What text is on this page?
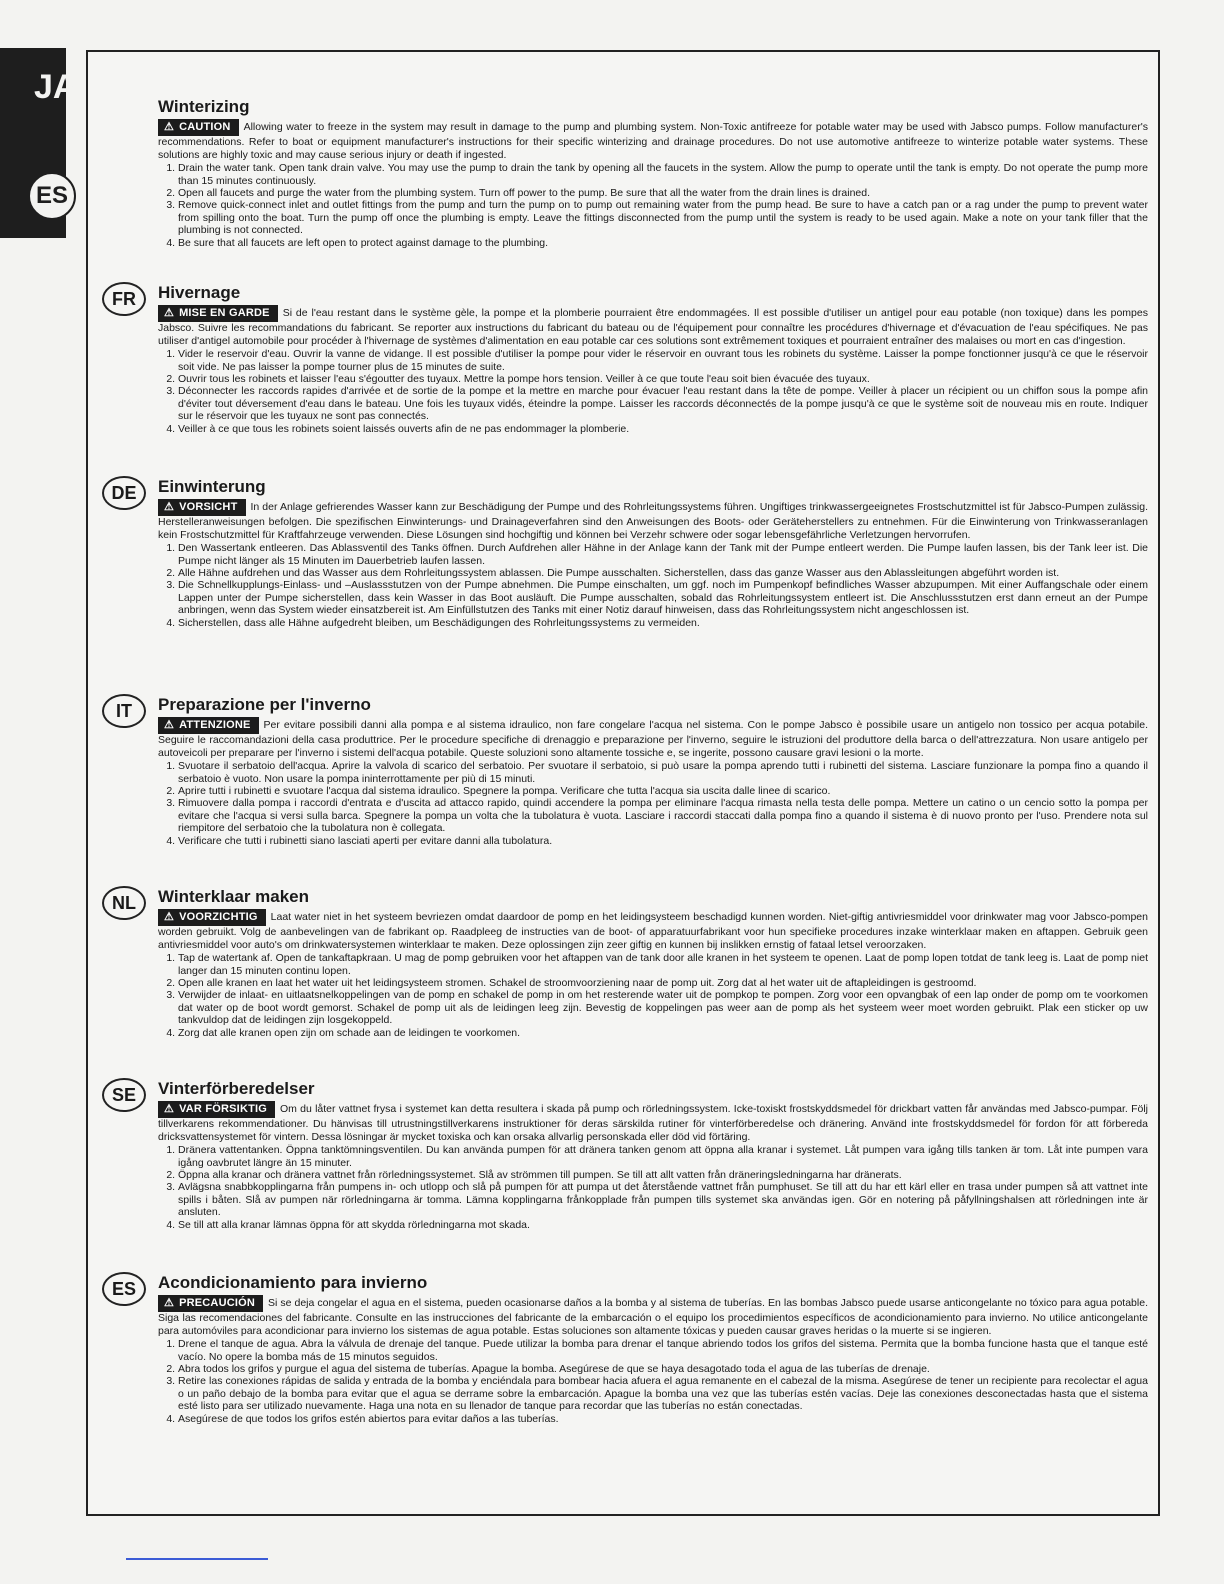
JA
ES
Winterizing
⚠ CAUTION Allowing water to freeze in the system may result in damage to the pump and plumbing system. Non-Toxic antifreeze for potable water may be used with Jabsco pumps. Follow manufacturer's recommendations. Refer to boat or equipment manufacturer's instructions for their specific winterizing and drainage procedures. Do not use automotive antifreeze to winterize potable water systems. These solutions are highly toxic and may cause serious injury or death if ingested.
1. Drain the water tank. Open tank drain valve. You may use the pump to drain the tank by opening all the faucets in the system. Allow the pump to operate until the tank is empty. Do not operate the pump more than 15 minutes continuously.
2. Open all faucets and purge the water from the plumbing system. Turn off power to the pump. Be sure that all the water from the drain lines is drained.
3. Remove quick-connect inlet and outlet fittings from the pump and turn the pump on to pump out remaining water from the pump head. Be sure to have a catch pan or a rag under the pump to prevent water from spilling onto the boat. Turn the pump off once the plumbing is empty. Leave the fittings disconnected from the pump until the system is ready to be used again. Make a note on your tank filler that the plumbing is not connected.
4. Be sure that all faucets are left open to protect against damage to the plumbing.
FR	Hivernage
⚠ MISE EN GARDE Si de l'eau restant dans le système gèle, la pompe et la plomberie pourraient être endommagées. Il est possible d'utiliser un antigel pour eau potable (non toxique) dans les pompes Jabsco. Suivre les recommandations du fabricant. Se reporter aux instructions du fabricant du bateau ou de l'équipement pour connaître les procédures d'hivernage et d'évacuation de l'eau spécifiques. Ne pas utiliser d'antigel automobile pour procéder à l'hivernage de systèmes d'alimentation en eau potable car ces solutions sont extrêmement toxiques et pourraient entraîner des malaises ou mort en cas d'ingestion.
1. Vider le reservoir d'eau. Ouvrir la vanne de vidange. Il est possible d'utiliser la pompe pour vider le réservoir en ouvrant tous les robinets du système. Laisser la pompe fonctionner jusqu'à ce que le réservoir soit vide. Ne pas laisser la pompe tourner plus de 15 minutes de suite.
2. Ouvrir tous les robinets et laisser l'eau s'égoutter des tuyaux. Mettre la pompe hors tension. Veiller à ce que toute l'eau soit bien évacuée des tuyaux.
3. Déconnecter les raccords rapides d'arrivée et de sortie de la pompe et la mettre en marche pour évacuer l'eau restant dans la tête de pompe. Veiller à placer un récipient ou un chiffon sous la pompe afin d'éviter tout déversement d'eau dans le bateau. Une fois les tuyaux vidés, éteindre la pompe. Laisser les raccords déconnectés de la pompe jusqu'à ce que le système soit de nouveau mis en route. Indiquer sur le réservoir que les tuyaux ne sont pas connectés.
4. Veiller à ce que tous les robinets soient laissés ouverts afin de ne pas endommager la plomberie.
DE	Einwinterung
⚠ VORSICHT In der Anlage gefrierendes Wasser kann zur Beschädigung der Pumpe und des Rohrleitungssystems führen. Ungiftiges trinkwassergeeignetes Frostschutzmittel ist für Jabsco-Pumpen zulässig. Herstelleranweisungen befolgen. Die spezifischen Einwinterungs- und Drainageverfahren sind den Anweisungen des Boots- oder Geräteherstellers zu entnehmen. Für die Einwinterung von Trinkwasseranlagen kein Frostschutzmittel für Kraftfahrzeuge verwenden. Diese Lösungen sind hochgiftig und können bei Verzehr schwere oder sogar lebensgefährliche Verletzungen hervorrufen.
1. Den Wassertank entleeren. Das Ablassventil des Tanks öffnen. Durch Aufdrehen aller Hähne in der Anlage kann der Tank mit der Pumpe entleert werden. Die Pumpe laufen lassen, bis der Tank leer ist. Die Pumpe nicht länger als 15 Minuten im Dauerbetrieb laufen lassen.
2. Alle Hähne aufdrehen und das Wasser aus dem Rohrleitungssystem ablassen. Die Pumpe ausschalten. Sicherstellen, dass das ganze Wasser aus den Ablassleitungen abgeführt worden ist.
3. Die Schnellkupplungs-Einlass- und –Auslassstutzen von der Pumpe abnehmen. Die Pumpe einschalten, um ggf. noch im Pumpenkopf befindliches Wasser abzupumpen. Mit einer Auffangschale oder einem Lappen unter der Pumpe sicherstellen, dass kein Wasser in das Boot ausläuft. Die Pumpe ausschalten, sobald das Rohrleitungssystem entleert ist. Die Anschlussstutzen erst dann erneut an der Pumpe anbringen, wenn das System wieder einsatzbereit ist. Am Einfüllstutzen des Tanks mit einer Notiz darauf hinweisen, dass das Rohrleitungssystem nicht angeschlossen ist.
4. Sicherstellen, dass alle Hähne aufgedreht bleiben, um Beschädigungen des Rohrleitungssystems zu vermeiden.
IT	Preparazione per l'inverno
⚠ ATTENZIONE Per evitare possibili danni alla pompa e al sistema idraulico, non fare congelare l'acqua nel sistema. Con le pompe Jabsco è possibile usare un antigelo non tossico per acqua potabile. Seguire le raccomandazioni della casa produttrice. Per le procedure specifiche di drenaggio e preparazione per l'inverno, seguire le istruzioni del produttore della barca o dell'attrezzatura. Non usare antigelo per autoveicoli per preparare per l'inverno i sistemi dell'acqua potabile. Queste soluzioni sono altamente tossiche e, se ingerite, possono causare gravi lesioni o la morte.
1. Svuotare il serbatoio dell'acqua. Aprire la valvola di scarico del serbatoio. Per svuotare il serbatoio, si può usare la pompa aprendo tutti i rubinetti del sistema. Lasciare funzionare la pompa fino a quando il serbatoio è vuoto. Non usare la pompa ininterrottamente per più di 15 minuti.
2. Aprire tutti i rubinetti e svuotare l'acqua dal sistema idraulico. Spegnere la pompa. Verificare che tutta l'acqua sia uscita dalle linee di scarico.
3. Rimuovere dalla pompa i raccordi d'entrata e d'uscita ad attacco rapido, quindi accendere la pompa per eliminare l'acqua rimasta nella testa delle pompa. Mettere un catino o un cencio sotto la pompa per evitare che l'acqua si versi sulla barca. Spegnere la pompa un volta che la tubolatura è vuota. Lasciare i raccordi staccati dalla pompa fino a quando il sistema è di nuovo pronto per l'uso. Prendere nota sul riempitore del serbatoio che la tubolatura non è collegata.
4. Verificare che tutti i rubinetti siano lasciati aperti per evitare danni alla tubolatura.
NL	Winterklaar maken
⚠ VOORZICHTIG Laat water niet in het systeem bevriezen omdat daardoor de pomp en het leidingsysteem beschadigd kunnen worden. Niet-giftig antivriesmiddel voor drinkwater mag voor Jabsco-pompen worden gebruikt. Volg de aanbevelingen van de fabrikant op. Raadpleeg de instructies van de boot- of apparatuurfabrikant voor hun specifieke procedures inzake winterklaar maken en aftappen. Gebruik geen antivriesmiddel voor auto's om drinkwatersystemen winterklaar te maken. Deze oplossingen zijn zeer giftig en kunnen bij inslikken ernstig of fataal letsel veroorzaken.
1. Tap de watertank af. Open de tankaftapkraan. U mag de pomp gebruiken voor het aftappen van de tank door alle kranen in het systeem te openen. Laat de pomp lopen totdat de tank leeg is. Laat de pomp niet langer dan 15 minuten continu lopen.
2. Open alle kranen en laat het water uit het leidingsysteem stromen. Schakel de stroomvoorziening naar de pomp uit. Zorg dat al het water uit de aftapleidingen is gestroomd.
3. Verwijder de inlaat- en uitlaatsnelkoppelingen van de pomp en schakel de pomp in om het resterende water uit de pompkop te pompen. Zorg voor een opvangbak of een lap onder de pomp om te voorkomen dat water op de boot wordt gemorst. Schakel de pomp uit als de leidingen leeg zijn. Bevestig de koppelingen pas weer aan de pomp als het systeem weer moet worden gebruikt. Plak een sticker op uw tankvuldop dat de leidingen zijn losgekoppeld.
4. Zorg dat alle kranen open zijn om schade aan de leidingen te voorkomen.
SE	Vinterförberedelser
⚠ VAR FÖRSIKTIG Om du låter vattnet frysa i systemet kan detta resultera i skada på pump och rörledningssystem. Icke-toxiskt frostskyddsmedel för drickbart vatten får användas med Jabsco-pumpar. Följ tillverkarens rekommendationer. Du hänvisas till utrustningstillverkarens instruktioner för deras särskilda rutiner för vinterförberedelse och dränering. Använd inte frostskyddsmedel för fordon för att förbereda dricksvattensystemet för vintern. Dessa lösningar är mycket toxiska och kan orsaka allvarlig personskada eller död vid förtäring.
1. Dränera vattentanken. Öppna tanktömningsventilen. Du kan använda pumpen för att dränera tanken genom att öppna alla kranar i systemet. Låt pumpen vara igång tills tanken är tom. Låt inte pumpen vara igång oavbrutet längre än 15 minuter.
2. Öppna alla kranar och dränera vattnet från rörledningssystemet. Slå av strömmen till pumpen. Se till att allt vatten från dräneringsledningarna har dränerats.
3. Avlägsna snabbkopplingarna från pumpens in- och utlopp och slå på pumpen för att pumpa ut det återstående vattnet från pumphuset. Se till att du har ett kärl eller en trasa under pumpen så att vattnet inte spills i båten. Slå av pumpen när rörledningarna är tomma. Lämna kopplingarna frånkopplade från pumpen tills systemet ska användas igen. Gör en notering på påfyllningshalsen att rörledningen inte är ansluten.
4. Se till att alla kranar lämnas öppna för att skydda rörledningarna mot skada.
ES	Acondicionamiento para invierno
⚠ PRECAUCIÓN Si se deja congelar el agua en el sistema, pueden ocasionarse daños a la bomba y al sistema de tuberías. En las bombas Jabsco puede usarse anticongelante no tóxico para agua potable. Siga las recomendaciones del fabricante. Consulte en las instrucciones del fabricante de la embarcación o el equipo los procedimientos específicos de acondicionamiento para invierno. No utilice anticongelante para automóviles para acondicionar para invierno los sistemas de agua potable. Estas soluciones son altamente tóxicas y pueden causar graves heridas o la muerte si se ingieren.
1. Drene el tanque de agua. Abra la válvula de drenaje del tanque. Puede utilizar la bomba para drenar el tanque abriendo todos los grifos del sistema. Permita que la bomba funcione hasta que el tanque esté vacío. No opere la bomba más de 15 minutos seguidos.
2. Abra todos los grifos y purgue el agua del sistema de tuberías. Apague la bomba. Asegúrese de que se haya desagotado toda el agua de las tuberías de drenaje.
3. Retire las conexiones rápidas de salida y entrada de la bomba y enciéndala para bombear hacia afuera el agua remanente en el cabezal de la misma. Asegúrese de tener un recipiente para recolectar el agua o un paño debajo de la bomba para evitar que el agua se derrame sobre la embarcación. Apague la bomba una vez que las tuberías estén vacías. Deje las conexiones desconectadas hasta que el sistema esté listo para ser utilizado nuevamente. Haga una nota en su llenador de tanque para recordar que las tuberías no están conectadas.
4. Asegúrese de que todos los grifos estén abiertos para evitar daños a las tuberías.
